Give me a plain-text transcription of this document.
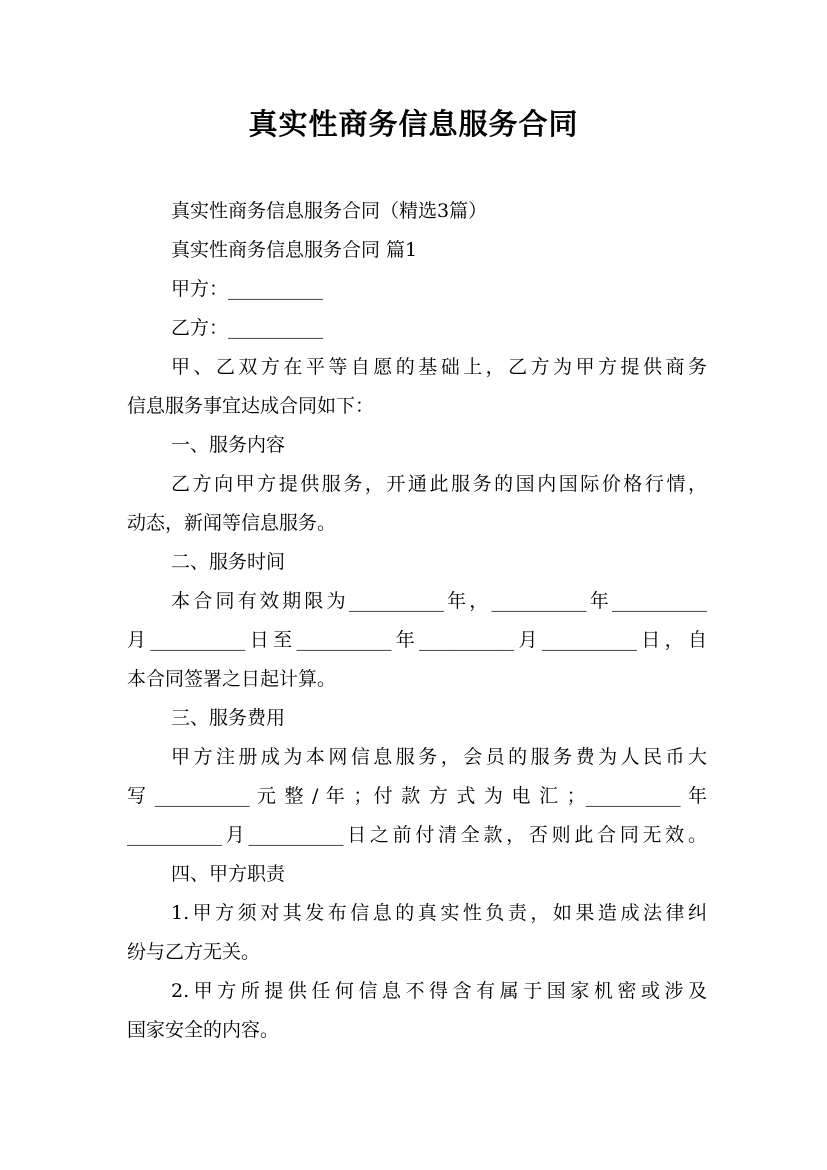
真实性商务信息服务合同
真实性商务信息服务合同（精选3篇）
真实性商务信息服务合同 篇1
甲方：__________
乙方：__________
甲、乙双方在平等自愿的基础上，乙方为甲方提供商务
信息服务事宜达成合同如下：
一、服务内容
乙方向甲方提供服务，开通此服务的国内国际价格行情，
动态，新闻等信息服务。
二、服务时间
本合同有效期限为__________年，__________年__________
月__________日至__________年__________月__________日，自
本合同签署之日起计算。
三、服务费用
甲方注册成为本网信息服务，会员的服务费为人民币大
写 __________ 元 整 / 年 ；付 款 方 式 为 电 汇 ；__________ 年
__________月__________日之前付清全款，否则此合同无效。
四、甲方职责
1.甲方须对其发布信息的真实性负责，如果造成法律纠
纷与乙方无关。
2.甲方所提供任何信息不得含有属于国家机密或涉及
国家安全的内容。
